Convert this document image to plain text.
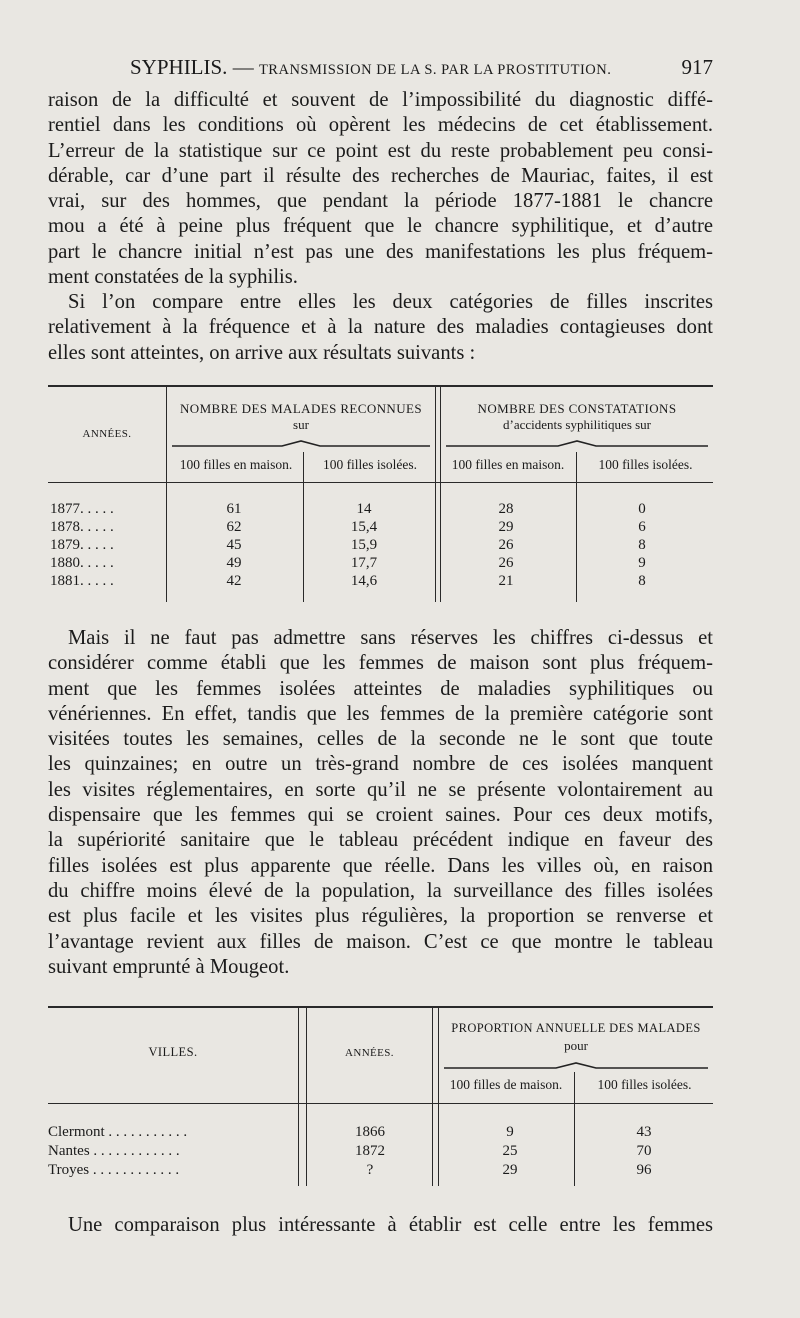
SYPHILIS. — TRANSMISSION DE LA S. PAR LA PROSTITUTION.	917
raison de la difficulté et souvent de l’impossibilité du diagnostic diffé-
rentiel dans les conditions où opèrent les médecins de cet établissement.
L’erreur de la statistique sur ce point est du reste probablement peu consi-
dérable, car d’une part il résulte des recherches de Mauriac, faites, il est
vrai, sur des hommes, que pendant la période 1877-1881 le chancre
mou a été à peine plus fréquent que le chancre syphilitique, et d’autre
part le chancre initial n’est pas une des manifestations les plus fréquem-
ment constatées de la syphilis.
Si l’on compare entre elles les deux catégories de filles inscrites
relativement à la fréquence et à la nature des maladies contagieuses dont
elles sont atteintes, on arrive aux résultats suivants :
ANNÉES.
NOMBRE DES MALADES RECONNUES
sur
NOMBRE DES CONSTATATIONS
d’accidents syphilitiques sur
100 filles en maison.	100 filles isolées.	100 filles en maison.	100 filles isolées.
1877. . . . .	61	14	28	0
1878. . . . .	62	15,4	29	6
1879. . . . .	45	15,9	26	8
1880. . . . .	49	17,7	26	9
1881. . . . .	42	14,6	21	8
Mais il ne faut pas admettre sans réserves les chiffres ci-dessus et
considérer comme établi que les femmes de maison sont plus fréquem-
ment que les femmes isolées atteintes de maladies syphilitiques ou
vénériennes. En effet, tandis que les femmes de la première catégorie sont
visitées toutes les semaines, celles de la seconde ne le sont que toute
les quinzaines; en outre un très-grand nombre de ces isolées manquent
les visites réglementaires, en sorte qu’il ne se présente volontairement au
dispensaire que les femmes qui se croient saines. Pour ces deux motifs,
la supériorité sanitaire que le tableau précédent indique en faveur des
filles isolées est plus apparente que réelle. Dans les villes où, en raison
du chiffre moins élevé de la population, la surveillance des filles isolées
est plus facile et les visites plus régulières, la proportion se renverse et
l’avantage revient aux filles de maison. C’est ce que montre le tableau
suivant emprunté à Mougeot.
VILLES.	ANNÉES.
PROPORTION ANNUELLE DES MALADES
pour
100 filles de maison.	100 filles isolées.
Clermont . . . . . . . . . . .	1866	9	43
Nantes . . . . . . . . . . . .	1872	25	70
Troyes . . . . . . . . . . . .	?	29	96
Une comparaison plus intéressante à établir est celle entre les femmes
